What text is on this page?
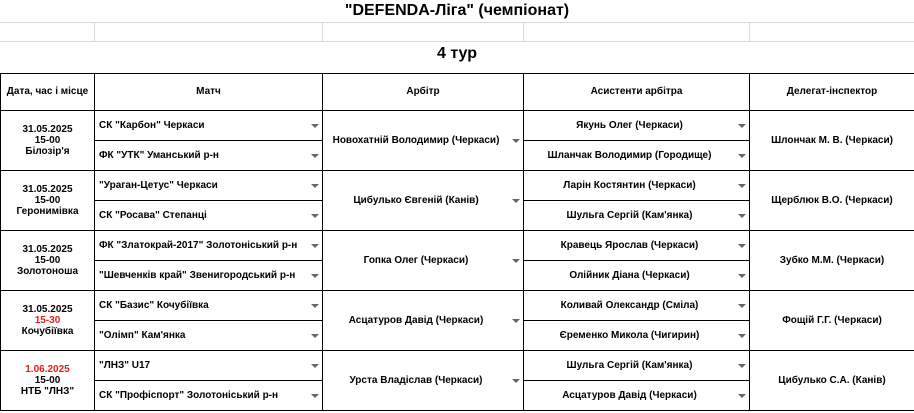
"DEFENDA-Ліга" (чемпіонат)
4 тур
Дата, час і місце	Матч	Арбітр	Асистенти арбітра	Делегат-інспектор

31.05.2025
15-00
Білозір'я	СК "Карбон" Черкаси	Новохатній Володимир (Черкаси)	Якунь Олег (Черкаси)	Шлончак М. В. (Черкаси)

	ФК "УТК" Уманський р-н		Шланчак Володимир (Городище)	

31.05.2025
15-00
Геронимівка	"Ураган-Цетус" Черкаси	Цибулько Євгеній (Канів)	Ларін Костянтин (Черкаси)	Щерблюк В.О. (Черкаси)

	СК "Росава" Степанці		Шульга Сергій (Кам'янка)	

31.05.2025
15-00
Золотоноша	ФК "Златокрай-2017" Золотоніський р-н	Гопка Олег (Черкаси)	Кравець Ярослав (Черкаси)	Зубко М.М. (Черкаси)

	"Шевченків край" Звенигородський р-н		Олійник Діана (Черкаси)	

31.05.2025
15-30
Кочубіївка	СК "Базис" Кочубіївка	Асцатуров Давід (Черкаси)	Коливай Олександр (Сміла)	Фощій Г.Г. (Черкаси)

	"Олімп" Кам'янка		Єременко Микола (Чигирин)	

1.06.2025
15-00
НТБ "ЛНЗ"	"ЛНЗ" U17	Урста Владіслав (Черкаси)	Шульга Сергій (Кам'янка)	Цибулько С.А. (Канів)

	СК "Профіспорт" Золотоніський р-н		Асцатуров Давід (Черкаси)	
